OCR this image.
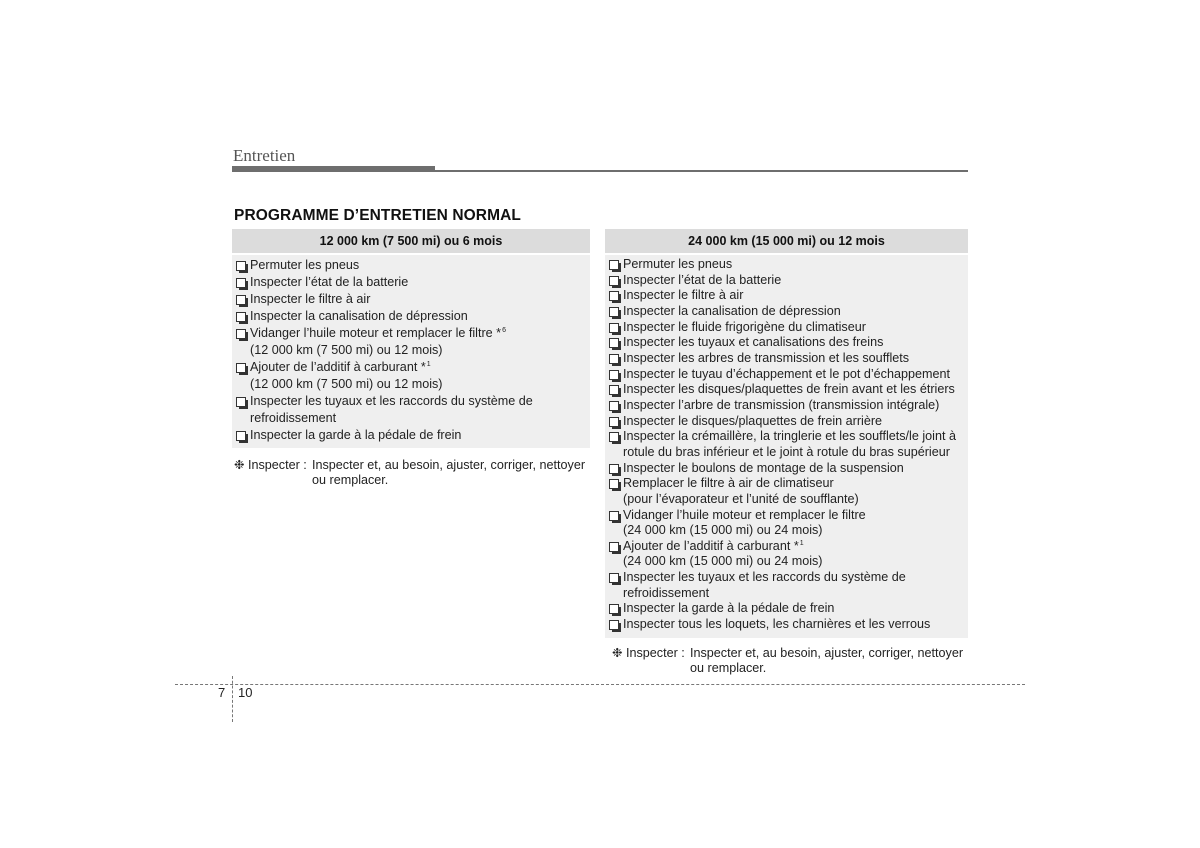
Entretien
PROGRAMME D’ENTRETIEN NORMAL
12 000 km (7 500 mi) ou 6 mois
Permuter les pneus
Inspecter l’état de la batterie
Inspecter le filtre à air
Inspecter la canalisation de dépression
Vidanger l’huile moteur et remplacer le filtre *$^6$

(12 000 km (7 500 mi) ou 12 mois)
Ajouter de l’additif à carburant *$^1$

(12 000 km (7 500 mi) ou 12 mois)
Inspecter les tuyaux et les raccords du système de
refroidissement
Inspecter la garde à la pédale de frein
❉ Inspecter : Inspecter et, au besoin, ajuster, corriger, nettoyer
ou remplacer.
24 000 km (15 000 mi) ou 12 mois
Permuter les pneus
Inspecter l’état de la batterie
Inspecter le filtre à air
Inspecter la canalisation de dépression
Inspecter le fluide frigorigène du climatiseur
Inspecter les tuyaux et canalisations des freins
Inspecter les arbres de transmission et les soufflets
Inspecter le tuyau d’échappement et le pot d’échappement
Inspecter les disques/plaquettes de frein avant et les étriers
Inspecter l’arbre de transmission (transmission intégrale)
Inspecter le disques/plaquettes de frein arrière
Inspecter la crémaillère, la tringlerie et les soufflets/le joint à
rotule du bras inférieur et le joint à rotule du bras supérieur
Inspecter le boulons de montage de la suspension
Remplacer le filtre à air de climatiseur
(pour l’évaporateur et l’unité de soufflante)
Vidanger l’huile moteur et remplacer le filtre
(24 000 km (15 000 mi) ou 24 mois)
Ajouter de l’additif à carburant *$^1$

(24 000 km (15 000 mi) ou 24 mois)
Inspecter les tuyaux et les raccords du système de
refroidissement
Inspecter la garde à la pédale de frein
Inspecter tous les loquets, les charnières et les verrous
❉ Inspecter : Inspecter et, au besoin, ajuster, corriger, nettoyer
ou remplacer.
7 10
